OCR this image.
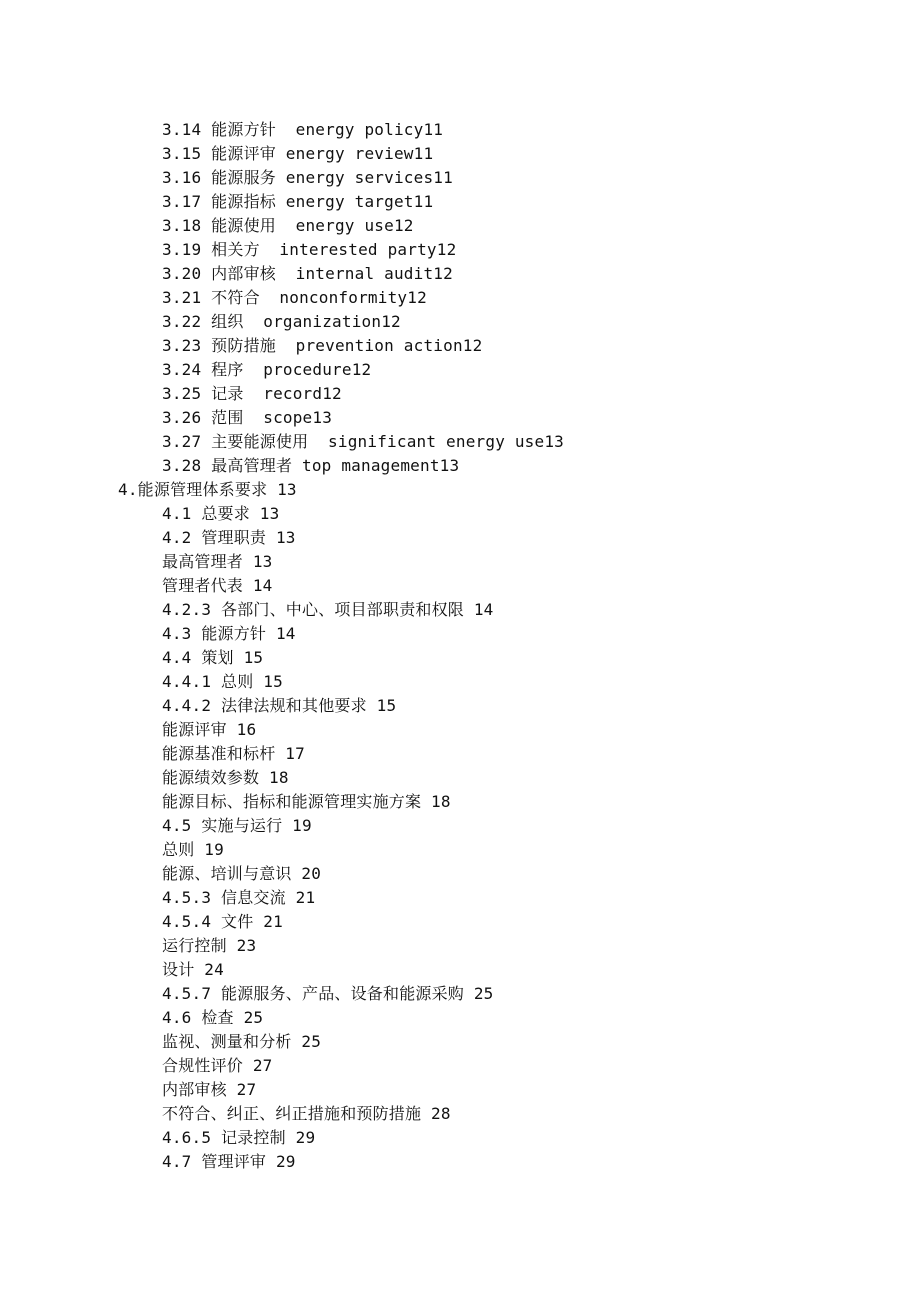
3.14 能源方针  energy policy11
3.15 能源评审 energy review11
3.16 能源服务 energy services11
3.17 能源指标 energy target11
3.18 能源使用  energy use12
3.19 相关方  interested party12
3.20 内部审核  internal audit12
3.21 不符合  nonconformity12
3.22 组织  organization12
3.23 预防措施  prevention action12
3.24 程序  procedure12
3.25 记录  record12
3.26 范围  scope13
3.27 主要能源使用  significant energy use13
3.28 最高管理者 top management13
4.能源管理体系要求 13
4.1 总要求 13
4.2 管理职责 13
最高管理者 13
管理者代表 14
4.2.3 各部门、中心、项目部职责和权限 14
4.3 能源方针 14
4.4 策划 15
4.4.1 总则 15
4.4.2 法律法规和其他要求 15
能源评审 16
能源基准和标杆 17
能源绩效参数 18
能源目标、指标和能源管理实施方案 18
4.5 实施与运行 19
总则 19
能源、培训与意识 20
4.5.3 信息交流 21
4.5.4 文件 21
运行控制 23
设计 24
4.5.7 能源服务、产品、设备和能源采购 25
4.6 检查 25
监视、测量和分析 25
合规性评价 27
内部审核 27
不符合、纠正、纠正措施和预防措施 28
4.6.5 记录控制 29
4.7 管理评审 29
